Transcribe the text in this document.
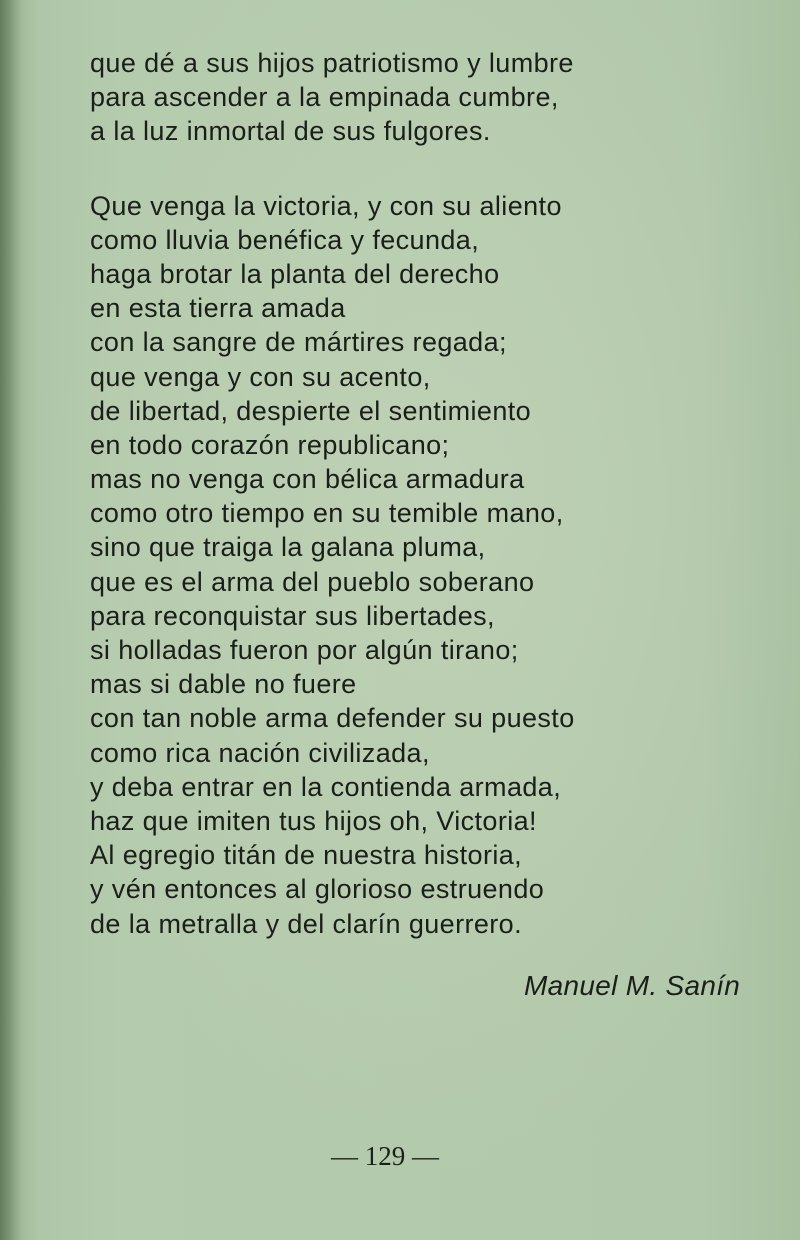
que dé a sus hijos patriotismo y lumbre
para ascender a la empinada cumbre,
a la luz inmortal de sus fulgores.
Que venga la victoria, y con su aliento
como lluvia benéfica y fecunda,
haga brotar la planta del derecho
en esta tierra amada
con la sangre de mártires regada;
que venga y con su acento,
de libertad, despierte el sentimiento
en todo corazón republicano;
mas no venga con bélica armadura
como otro tiempo en su temible mano,
sino que traiga la galana pluma,
que es el arma del pueblo soberano
para reconquistar sus libertades,
si holladas fueron por algún tirano;
mas si dable no fuere
con tan noble arma defender su puesto
como rica nación civilizada,
y deba entrar en la contienda armada,
haz que imiten tus hijos oh, Victoria!
Al egregio titán de nuestra historia,
y vén entonces al glorioso estruendo
de la metralla y del clarín guerrero.
Manuel M. Sanín
— 129 —
